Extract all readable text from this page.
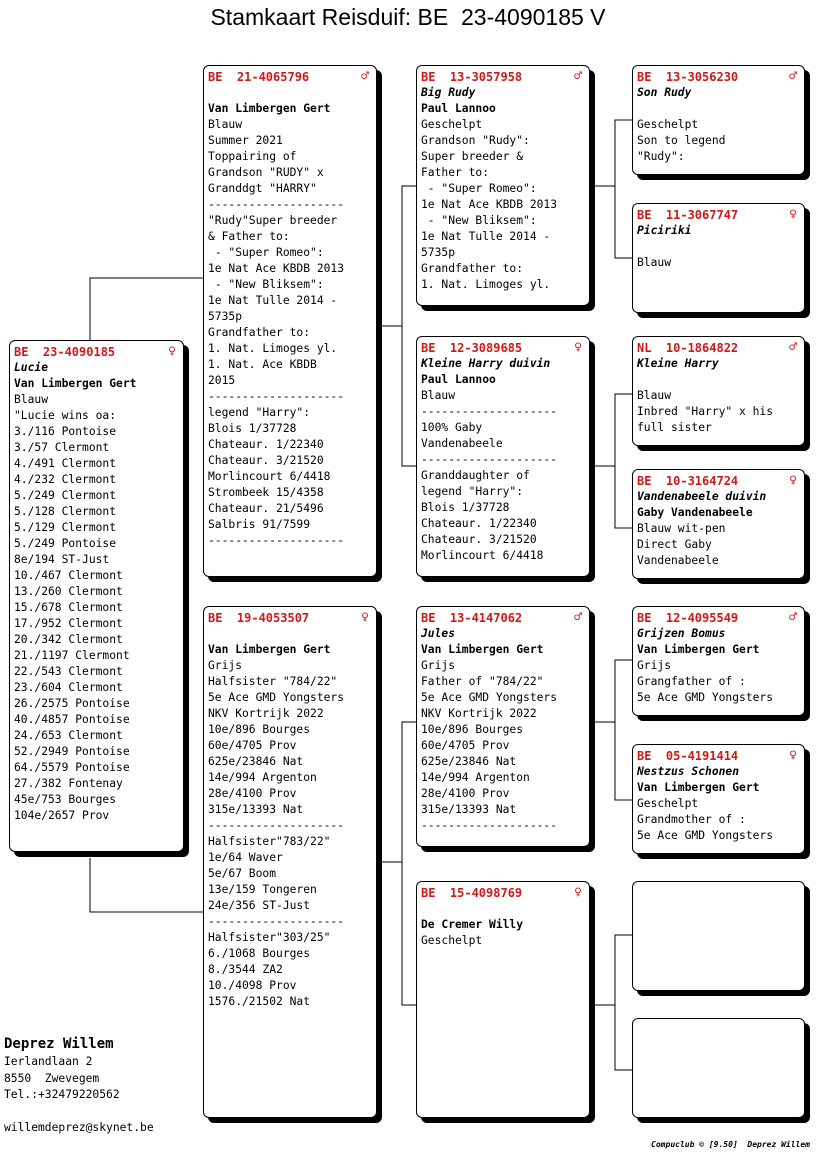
Stamkaart Reisduif: BE  23-4090185 V
BE  23-4090185	♀
Lucie
Van Limbergen Gert
Blauw
"Lucie wins oa:
3./116 Pontoise
3./57 Clermont
4./491 Clermont
4./232 Clermont
5./249 Clermont
5./128 Clermont
5./129 Clermont
5./249 Pontoise
8e/194 ST-Just
10./467 Clermont
13./260 Clermont
15./678 Clermont
17./952 Clermont
20./342 Clermont
21./1197 Clermont
22./543 Clermont
23./604 Clermont
26./2575 Pontoise
40./4857 Pontoise
24./653 Clermont
52./2949 Pontoise
64./5579 Pontoise
27./382 Fontenay
45e/753 Bourges
104e/2657 Prov
BE  21-4065796	♂
Van Limbergen Gert
Blauw
Summer 2021
Toppairing of
Grandson "RUDY" x
Granddgt "HARRY"
--------------------
"Rudy"Super breeder
& Father to:
- "Super Romeo":
1e Nat Ace KBDB 2013
- "New Bliksem":
1e Nat Tulle 2014 -
5735p
Grandfather to:
1. Nat. Limoges yl.
1. Nat. Ace KBDB
2015
--------------------
legend "Harry":
Blois 1/37728
Chateaur. 1/22340
Chateaur. 3/21520
Morlincourt 6/4418
Strombeek 15/4358
Chateaur. 21/5496
Salbris 91/7599
--------------------
BE  19-4053507	♀
Van Limbergen Gert
Grijs
Halfsister "784/22"
5e Ace GMD Yongsters
NKV Kortrijk 2022
10e/896 Bourges
60e/4705 Prov
625e/23846 Nat
14e/994 Argenton
28e/4100 Prov
315e/13393 Nat
--------------------
Halfsister"783/22"
1e/64 Waver
5e/67 Boom
13e/159 Tongeren
24e/356 ST-Just
--------------------
Halfsister"303/25"
6./1068 Bourges
8./3544 ZA2
10./4098 Prov
1576./21502 Nat
BE  13-3057958	♂
Big Rudy
Paul Lannoo
Geschelpt
Grandson "Rudy":
Super breeder &
Father to:
- "Super Romeo":
1e Nat Ace KBDB 2013
- "New Bliksem":
1e Nat Tulle 2014 -
5735p
Grandfather to:
1. Nat. Limoges yl.
BE  12-3089685	♀
Kleine Harry duivin
Paul Lannoo
Blauw
--------------------
100% Gaby
Vandenabeele
--------------------
Granddaughter of
legend "Harry":
Blois 1/37728
Chateaur. 1/22340
Chateaur. 3/21520
Morlincourt 6/4418
BE  13-4147062	♂
Jules
Van Limbergen Gert
Grijs
Father of "784/22"
5e Ace GMD Yongsters
NKV Kortrijk 2022
10e/896 Bourges
60e/4705 Prov
625e/23846 Nat
14e/994 Argenton
28e/4100 Prov
315e/13393 Nat
--------------------
BE  15-4098769	♀
De Cremer Willy
Geschelpt
BE  13-3056230	♂
Son Rudy
Geschelpt
Son to legend
"Rudy":
BE  11-3067747	♀
Piciriki
Blauw
NL  10-1864822	♂
Kleine Harry
Blauw
Inbred "Harry" x his
full sister
BE  10-3164724	♀
Vandenabeele duivin
Gaby Vandenabeele
Blauw wit-pen
Direct Gaby
Vandenabeele
BE  12-4095549	♂
Grijzen Bomus
Van Limbergen Gert
Grijs
Grangfather of :
5e Ace GMD Yongsters
BE  05-4191414	♀
Nestzus Schonen
Van Limbergen Gert
Geschelpt
Grandmother of :
5e Ace GMD Yongsters
Deprez Willem
Ierlandlaan 2
8550  Zwevegem
Tel.:+32479220562
willemdeprez@skynet.be
Compuclub © [9.50]  Deprez Willem
